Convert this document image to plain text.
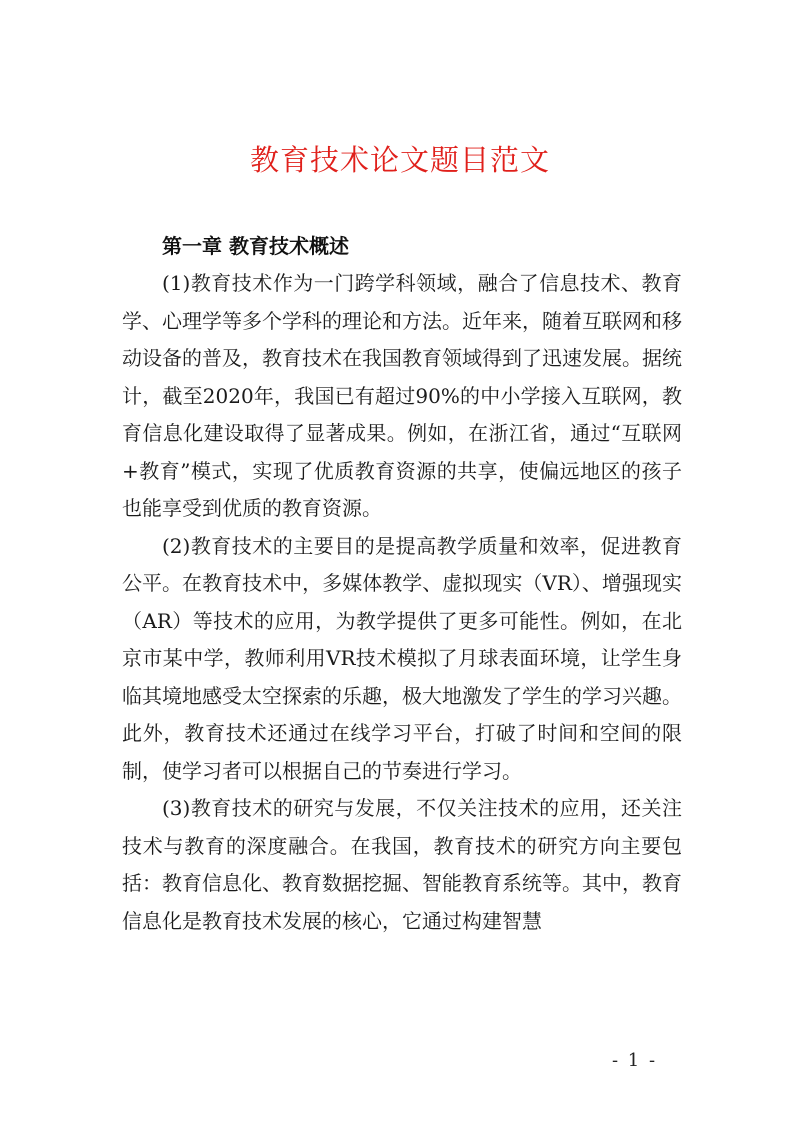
教育技术论文题目范文
第一章 教育技术概述

(1)教育技术作为一门跨学科领域，融合了信息技术、教育学、心理学等多个学科的理论和方法。近年来，随着互联网和移动设备的普及，教育技术在我国教育领域得到了迅速发展。据统计，截至2020年，我国已有超过90%的中小学接入互联网，教育信息化建设取得了显著成果。例如，在浙江省，通过“互联网+教育”模式，实现了优质教育资源的共享，使偏远地区的孩子也能享受到优质的教育资源。

(2)教育技术的主要目的是提高教学质量和效率，促进教育公平。在教育技术中，多媒体教学、虚拟现实（VR）、增强现实（AR）等技术的应用，为教学提供了更多可能性。例如，在北京市某中学，教师利用VR技术模拟了月球表面环境，让学生身临其境地感受太空探索的乐趣，极大地激发了学生的学习兴趣。此外，教育技术还通过在线学习平台，打破了时间和空间的限制，使学习者可以根据自己的节奏进行学习。

(3)教育技术的研究与发展，不仅关注技术的应用，还关注技术与教育的深度融合。在我国，教育技术的研究方向主要包括：教育信息化、教育数据挖掘、智能教育系统等。其中，教育信息化是教育技术发展的核心，它通过构建智慧

- 1 -
